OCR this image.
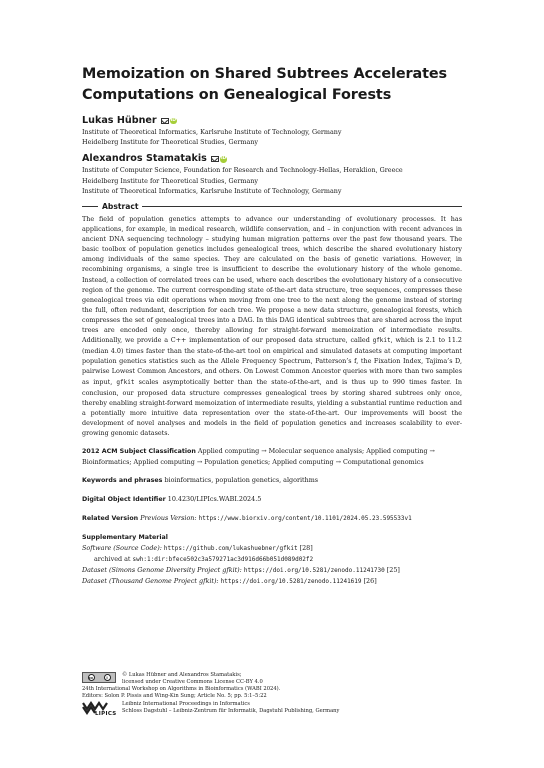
Memoization on Shared Subtrees Accelerates
Computations on Genealogical Forests
Lukas Hübner	iD

Institute of Theoretical Informatics, Karlsruhe Institute of Technology, Germany

Heidelberg Institute for Theoretical Studies, Germany

Alexandros Stamatakis	iD

Institute of Computer Science, Foundation for Research and Technology-Hellas, Heraklion, Greece

Heidelberg Institute for Theoretical Studies, Germany

Institute of Theoretical Informatics, Karlsruhe Institute of Technology, Germany

Abstract

The field of population genetics attempts to advance our understanding of evolutionary processes. It has applications, for example, in medical research, wildlife conservation, and – in conjunction with recent advances in ancient DNA sequencing technology – studying human migration patterns over the past few thousand years. The basic toolbox of population genetics includes genealogical trees, which describe the shared evolutionary history among individuals of the same species. They are calculated on the basis of genetic variations. However, in recombining organisms, a single tree is insufficient to describe the evolutionary history of the whole genome. Instead, a collection of correlated trees can be used, where each describes the evolutionary history of a consecutive region of the genome. The current corresponding state of-the-art data structure, tree sequences, compresses these genealogical trees via edit operations when moving from one tree to the next along the genome instead of storing the full, often redundant, description for each tree. We propose a new data structure, genealogical forests, which compresses the set of genealogical trees into a DAG. In this DAG identical subtrees that are shared across the input trees are encoded only once, thereby allowing for straight-forward memoization of intermediate results. Additionally, we provide a C++ implementation of our proposed data structure, called gfkit, which is 2.1 to 11.2 (median 4.0) times faster than the state-of-the-art tool on empirical and simulated datasets at computing important population genetics statistics such as the Allele Frequency Spectrum, Patterson’s f, the Fixation Index, Tajima’s D, pairwise Lowest Common Ancestors, and others. On Lowest Common Ancestor queries with more than two samples as input, gfkit scales asymptotically better than the state-of-the-art, and is thus up to 990 times faster. In conclusion, our proposed data structure compresses genealogical trees by storing shared subtrees only once, thereby enabling straight-forward memoization of intermediate results, yielding a substantial runtime reduction and a potentially more intuitive data representation over the state-of-the-art. Our improvements will boost the development of novel analyses and models in the field of population genetics and increases scalability to ever-growing genomic datasets.

2012 ACM Subject Classification Applied computing → Molecular sequence analysis; Applied computing → Bioinformatics; Applied computing → Population genetics; Applied computing → Computational genomics

Keywords and phrases bioinformatics, population genetics, algorithms

Digital Object Identifier 10.4230/LIPIcs.WABI.2024.5

Related Version Previous Version: https://www.biorxiv.org/content/10.1101/2024.05.23.595533v1

Supplementary Material
Software (Source Code): https://github.com/lukashuebner/gfkit [28]
archived at swh:1:dir:bfece502c3a579271ac3d916d66b051d089d02f2
Dataset (Simons Genome Diversity Project gfkit): https://doi.org/10.5281/zenodo.11241730 [25]
Dataset (Thousand Genome Project gfkit): https://doi.org/10.5281/zenodo.11241619 [26]
cc	i	© Lukas Hübner and Alexandros Stamatakis;
licensed under Creative Commons License CC-BY 4.0
24th International Workshop on Algorithms in Bioinformatics (WABI 2024).
Editors: Solon P. Pissis and Wing-Kin Sung; Article No. 5; pp. 5:1–5:22
LIPICS
Leibniz International Proceedings in Informatics
Schloss Dagstuhl – Leibniz-Zentrum für Informatik, Dagstuhl Publishing, Germany
